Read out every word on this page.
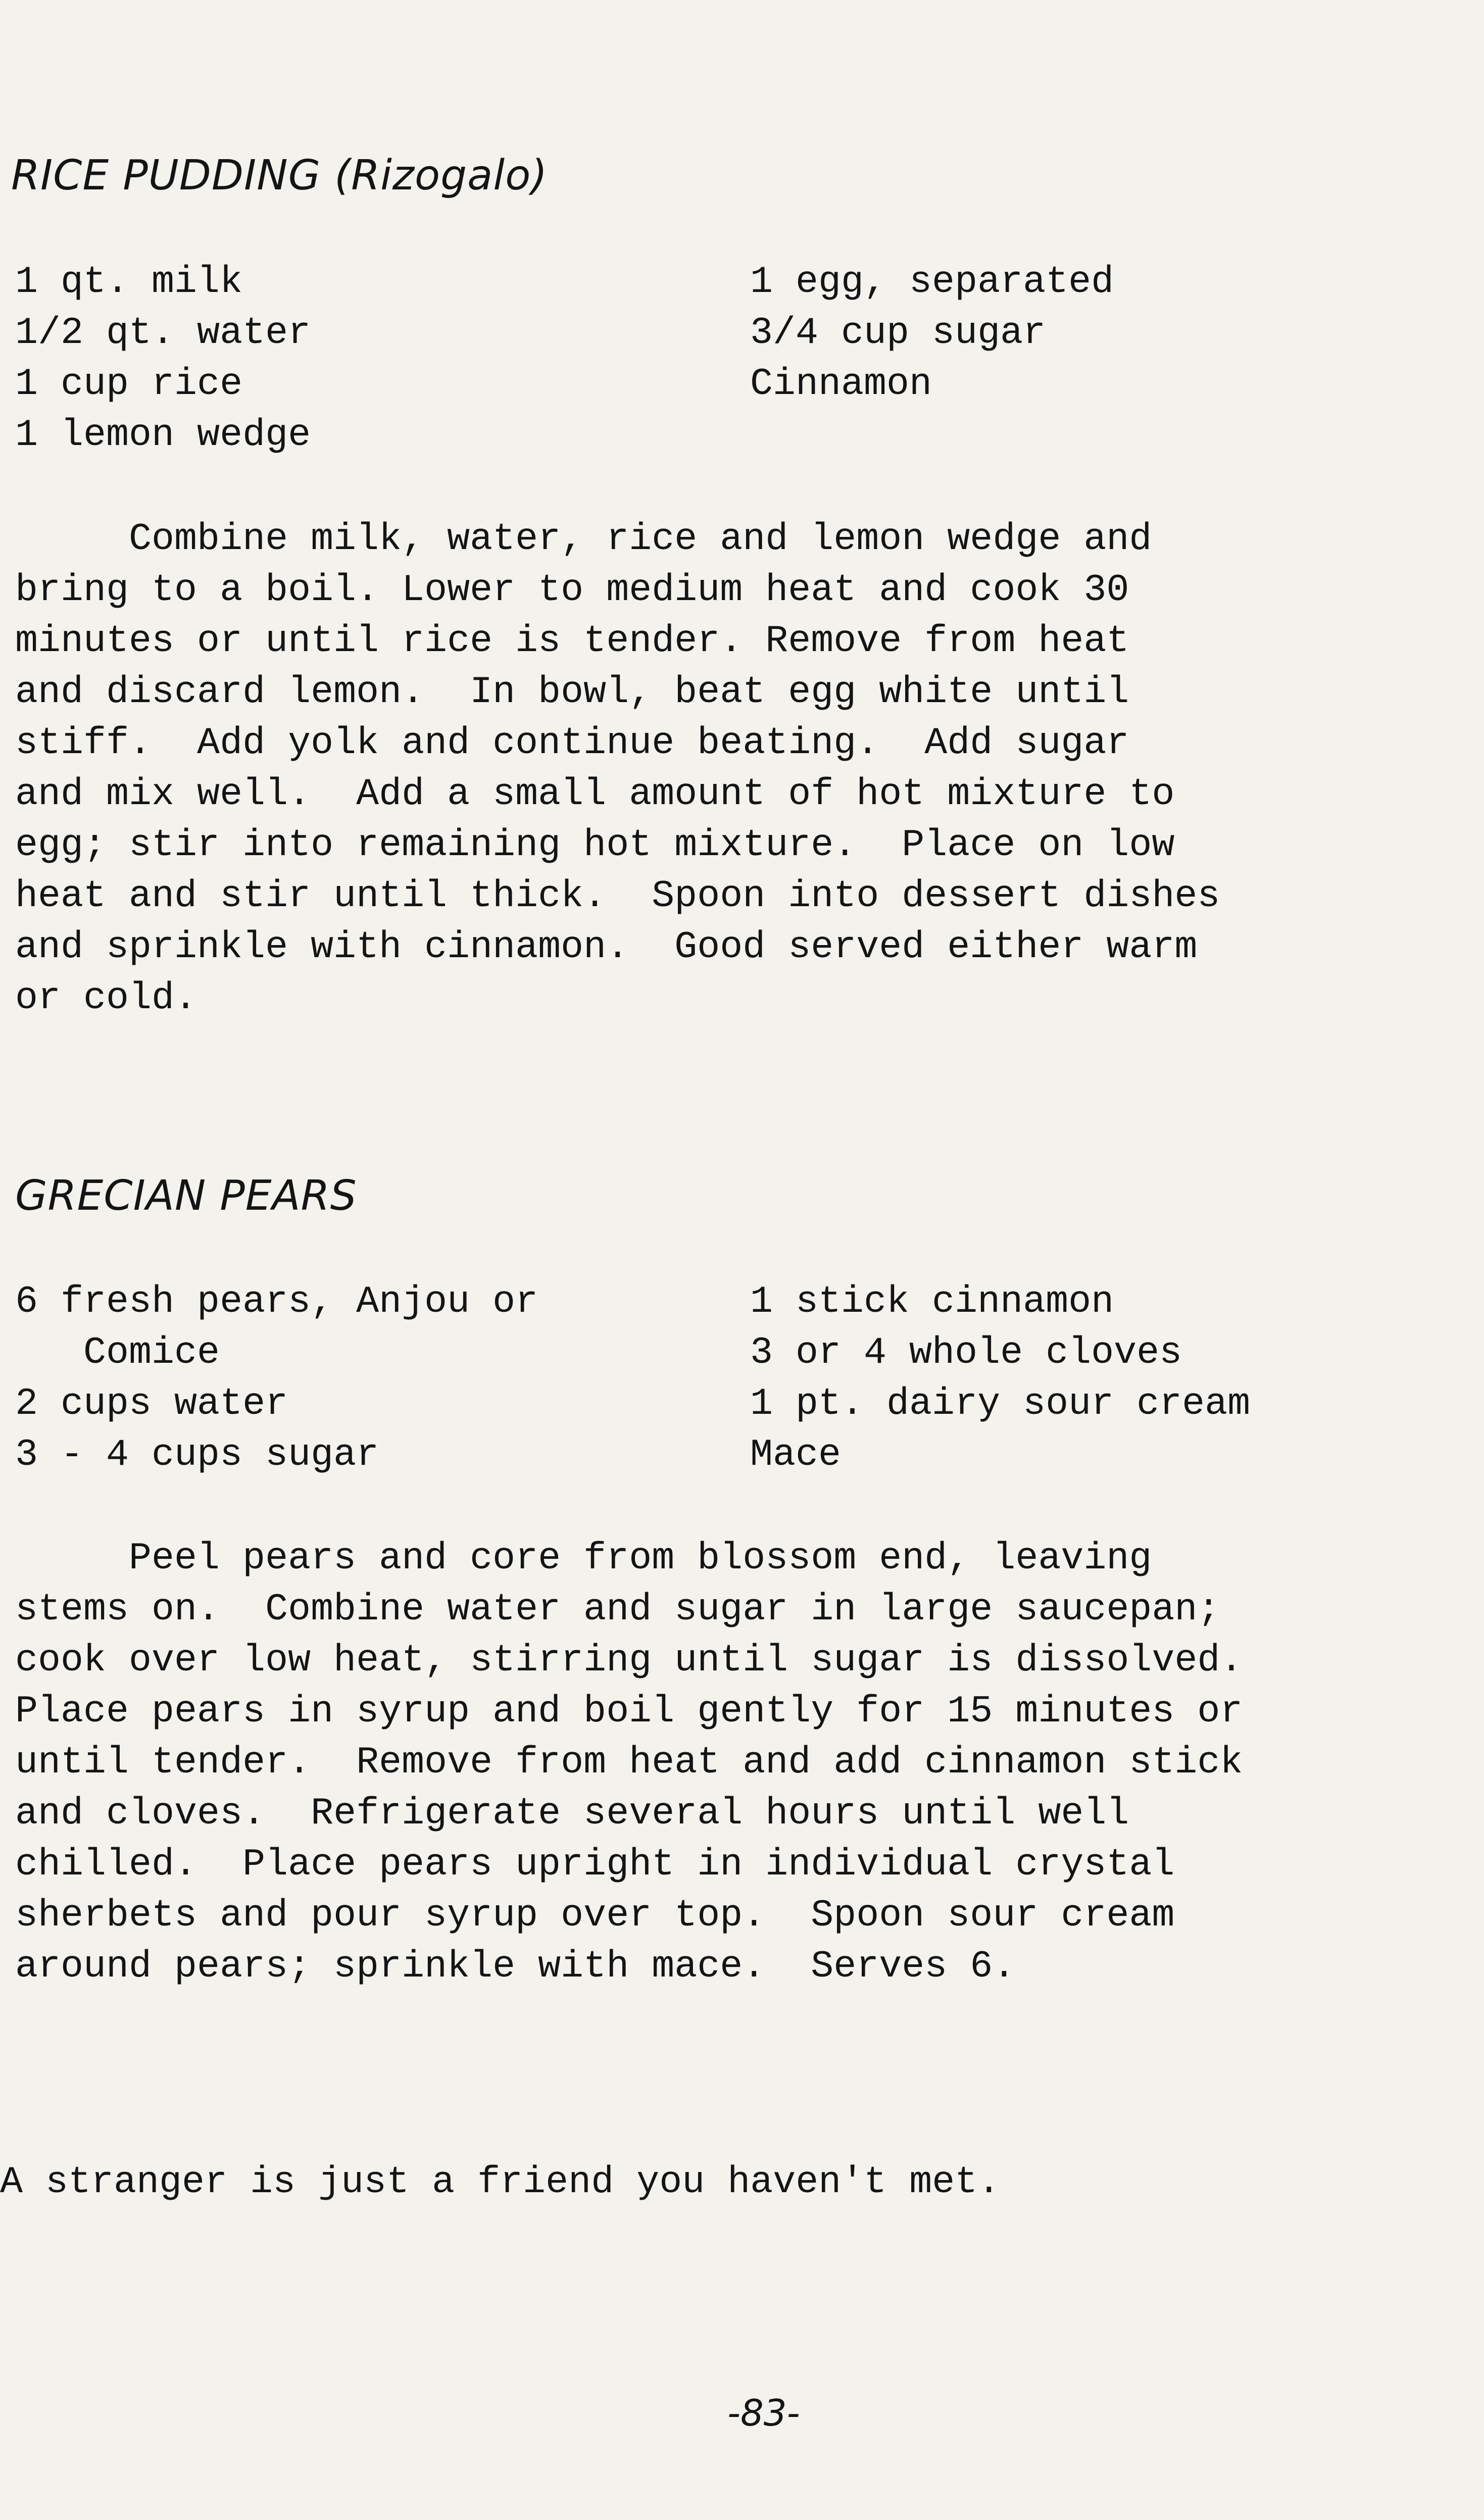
RICE PUDDING (Rizogalo)
1 qt. milk
1/2 qt. water
1 cup rice
1 lemon wedge
1 egg, separated
3/4 cup sugar
Cinnamon
Combine milk, water, rice and lemon wedge and
bring to a boil. Lower to medium heat and cook 30
minutes or until rice is tender. Remove from heat
and discard lemon.  In bowl, beat egg white until
stiff.  Add yolk and continue beating.  Add sugar
and mix well.  Add a small amount of hot mixture to
egg; stir into remaining hot mixture.  Place on low
heat and stir until thick.  Spoon into dessert dishes
and sprinkle with cinnamon.  Good served either warm
or cold.
GRECIAN PEARS
6 fresh pears, Anjou or
Comice
2 cups water
3 - 4 cups sugar
1 stick cinnamon
3 or 4 whole cloves
1 pt. dairy sour cream
Mace
Peel pears and core from blossom end, leaving
stems on.  Combine water and sugar in large saucepan;
cook over low heat, stirring until sugar is dissolved.
Place pears in syrup and boil gently for 15 minutes or
until tender.  Remove from heat and add cinnamon stick
and cloves.  Refrigerate several hours until well
chilled.  Place pears upright in individual crystal
sherbets and pour syrup over top.  Spoon sour cream
around pears; sprinkle with mace.  Serves 6.
A stranger is just a friend you haven't met.
-83-
